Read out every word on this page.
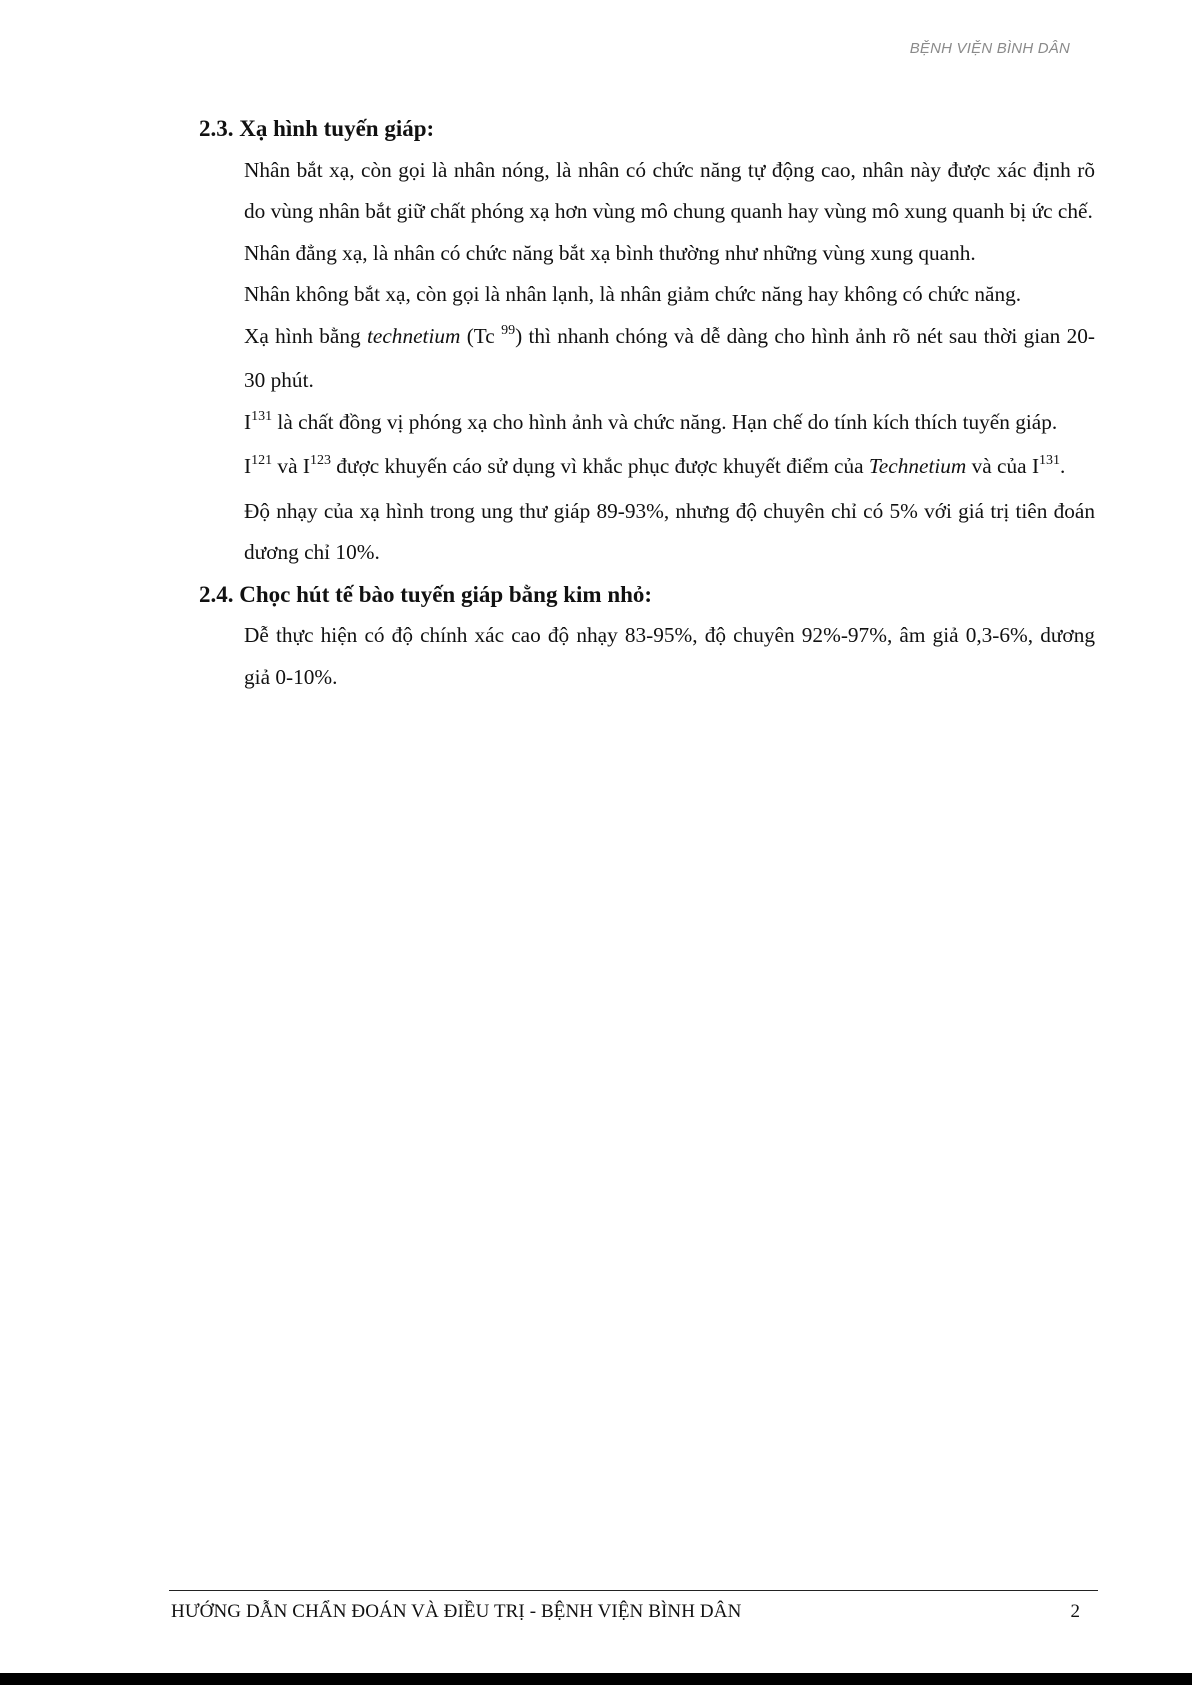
BỆNH VIỆN BÌNH DÂN

2.3. Xạ hình tuyến giáp:

Nhân bắt xạ, còn gọi là nhân nóng, là nhân có chức năng tự động cao, nhân này được xác định rõ do vùng nhân bắt giữ chất phóng xạ hơn vùng mô chung quanh hay vùng mô xung quanh bị ức chế.

Nhân đẳng xạ, là nhân có chức năng bắt xạ bình thường như những vùng xung quanh.

Nhân không bắt xạ, còn gọi là nhân lạnh, là nhân giảm chức năng hay không có chức năng.

Xạ hình bằng technetium (Tc $^{99}$) thì nhanh chóng và dễ dàng cho hình ảnh rõ nét sau thời gian 20-30 phút.

$I^{131}$ là chất đồng vị phóng xạ cho hình ảnh và chức năng. Hạn chế do tính kích thích tuyến giáp.

$I^{121}$ và $I^{123}$ được khuyến cáo sử dụng vì khắc phục được khuyết điểm của Technetium và của $I^{131}$.

Độ nhạy của xạ hình trong ung thư giáp 89-93%, nhưng độ chuyên chỉ có 5% với giá trị tiên đoán dương chỉ 10%.

2.4. Chọc hút tế bào tuyến giáp bằng kim nhỏ:

Dễ thực hiện có độ chính xác cao độ nhạy 83-95%, độ chuyên 92%-97%, âm giả 0,3-6%, dương giả 0-10%.

HƯỚNG DẪN CHẨN ĐOÁN VÀ ĐIỀU TRỊ - BỆNH VIỆN BÌNH DÂN	2
